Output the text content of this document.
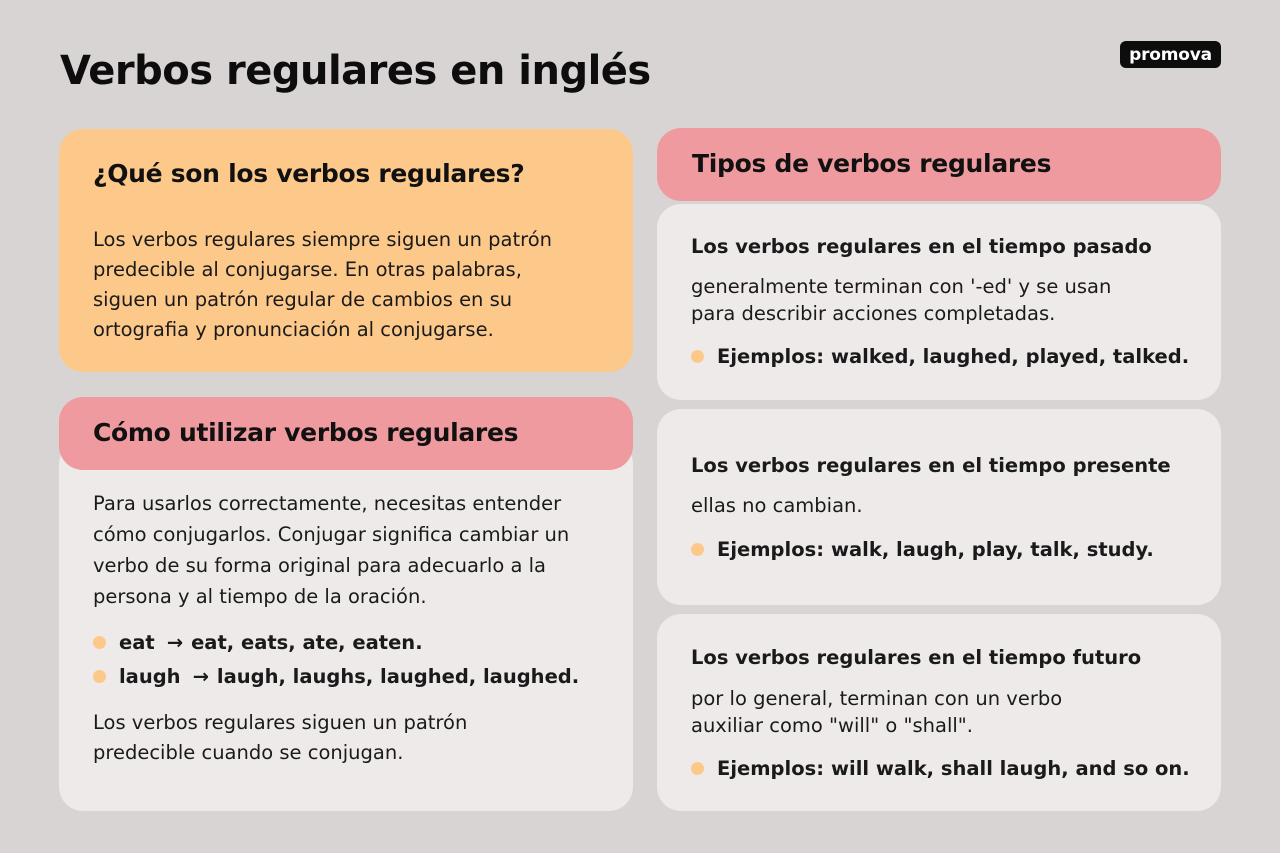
Verbos regulares en inglés	promova
¿Qué son los verbos regulares?
Los verbos regulares siempre siguen un patrón
predecible al conjugarse. En otras palabras,
siguen un patrón regular de cambios en su
ortografia y pronunciación al conjugarse.
Para usarlos correctamente, necesitas entender
cómo conjugarlos. Conjugar significa cambiar un
verbo de su forma original para adecuarlo a la
persona y al tiempo de la oración.
eat → eat, eats, ate, eaten.
laugh → laugh, laughs, laughed, laughed.
Los verbos regulares siguen un patrón
predecible cuando se conjugan.
Cómo utilizar verbos regulares
Tipos de verbos regulares
Los verbos regulares en el tiempo pasado
generalmente terminan con '-ed' y se usan
para describir acciones completadas.
Ejemplos: walked, laughed, played, talked.
Los verbos regulares en el tiempo presente
ellas no cambian.
Ejemplos: walk, laugh, play, talk, study.
Los verbos regulares en el tiempo futuro
por lo general, terminan con un verbo
auxiliar como "will" o "shall".
Ejemplos: will walk, shall laugh, and so on.
